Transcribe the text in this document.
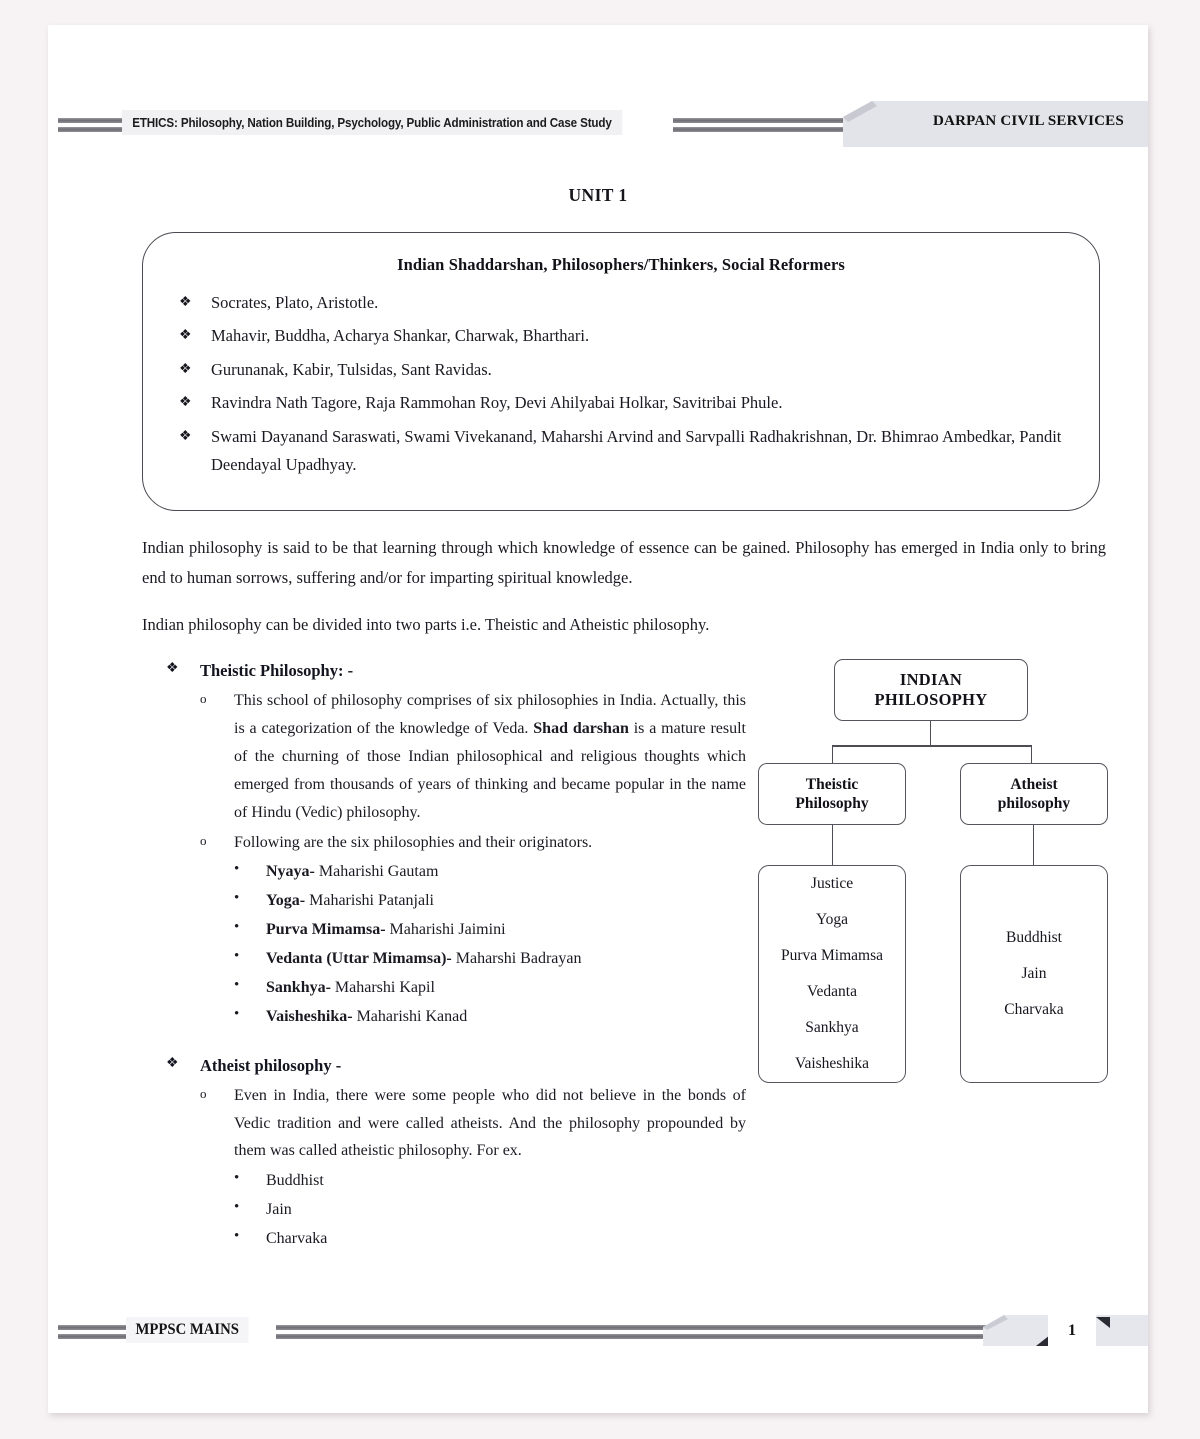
ETHICS: Philosophy, Nation Building, Psychology, Public Administration and Case Study	DARPAN CIVIL SERVICES
UNIT 1
Indian Shaddarshan, Philosophers/Thinkers, Social Reformers
❖	Socrates, Plato, Aristotle.
❖	Mahavir, Buddha, Acharya Shankar, Charwak, Bharthari.
❖	Gurunanak, Kabir, Tulsidas, Sant Ravidas.
❖	Ravindra Nath Tagore, Raja Rammohan Roy, Devi Ahilyabai Holkar, Savitribai Phule.
❖	Swami Dayanand Saraswati, Swami Vivekanand, Maharshi Arvind and Sarvpalli Radhakrishnan, Dr. Bhimrao Ambedkar, Pandit Deendayal Upadhyay.
Indian philosophy is said to be that learning through which knowledge of essence can be gained. Philosophy has emerged in India only to bring end to human sorrows, suffering and/or for imparting spiritual knowledge.
Indian philosophy can be divided into two parts i.e. Theistic and Atheistic philosophy.
❖	Theistic Philosophy: -
o	This school of philosophy comprises of six philosophies in India. Actually, this is a categorization of the knowledge of Veda. Shad darshan is a mature result of the churning of those Indian philosophical and religious thoughts which emerged from thousands of years of thinking and became popular in the name of Hindu (Vedic) philosophy.
o	Following are the six philosophies and their originators.
•	Nyaya- Maharishi Gautam
•	Yoga- Maharishi Patanjali
•	Purva Mimamsa- Maharishi Jaimini
•	Vedanta (Uttar Mimamsa)- Maharshi Badrayan
•	Sankhya- Maharshi Kapil
•	Vaisheshika- Maharishi Kanad
❖	Atheist philosophy -
o	Even in India, there were some people who did not believe in the bonds of Vedic tradition and were called atheists. And the philosophy propounded by them was called atheistic philosophy. For ex.
•	Buddhist
•	Jain
•	Charvaka
INDIAN
PHILOSOPHY
Theistic
Philosophy
Atheist
philosophy
Justice
Yoga
Purva Mimamsa
Vedanta
Sankhya
Vaisheshika
Buddhist
Jain
Charvaka
MPPSC MAINS	1
